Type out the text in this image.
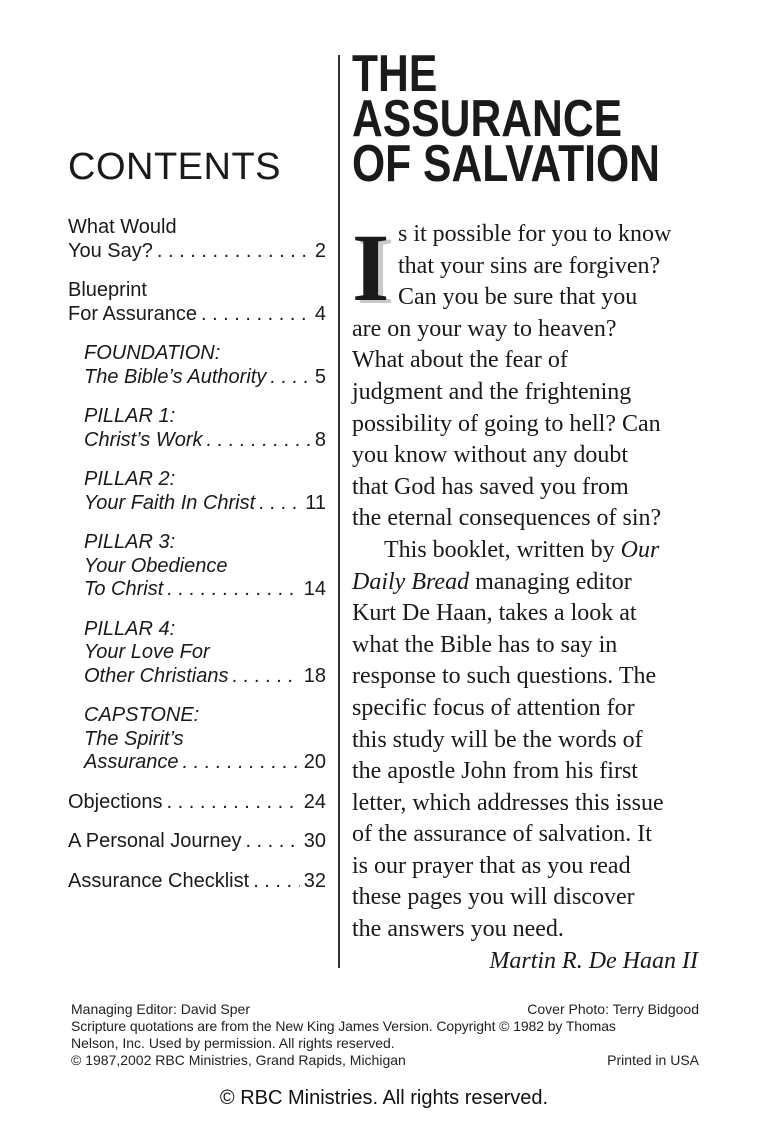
CONTENTS
What Would
You Say? . . .	2
Blueprint
For Assurance . . .	4
FOUNDATION:
The Bible’s Authority . . . 5
PILLAR 1:
Christ’s Work . . .	8
PILLAR 2:
Your Faith In Christ . . .	11
PILLAR 3:
Your Obedience
To Christ . . .	14
PILLAR 4:
Your Love For
Other Christians . . .	18
CAPSTONE:
The Spirit’s
Assurance . . .	20
Objections . . .	24
A Personal Journey . . .	30
Assurance Checklist . . .	32
THE
ASSURANCE
OF SALVATION
I s it possible for you to know
that your sins are forgiven?
Can you be sure that you
are on your way to heaven?
What about the fear of
judgment and the frightening
possibility of going to hell? Can
you know without any doubt
that God has saved you from
the eternal consequences of sin?
This booklet, written by Our
Daily Bread managing editor
Kurt De Haan, takes a look at
what the Bible has to say in
response to such questions. The
specific focus of attention for
this study will be the words of
the apostle John from his first
letter, which addresses this issue
of the assurance of salvation. It
is our prayer that as you read
these pages you will discover
the answers you need.
Martin R. De Haan II
Managing Editor: David Sper	Cover Photo: Terry Bidgood
Scripture quotations are from the New King James Version. Copyright © 1982 by Thomas
Nelson, Inc. Used by permission. All rights reserved.
© 1987,2002 RBC Ministries, Grand Rapids, Michigan	Printed in USA
© RBC Ministries. All rights reserved.
